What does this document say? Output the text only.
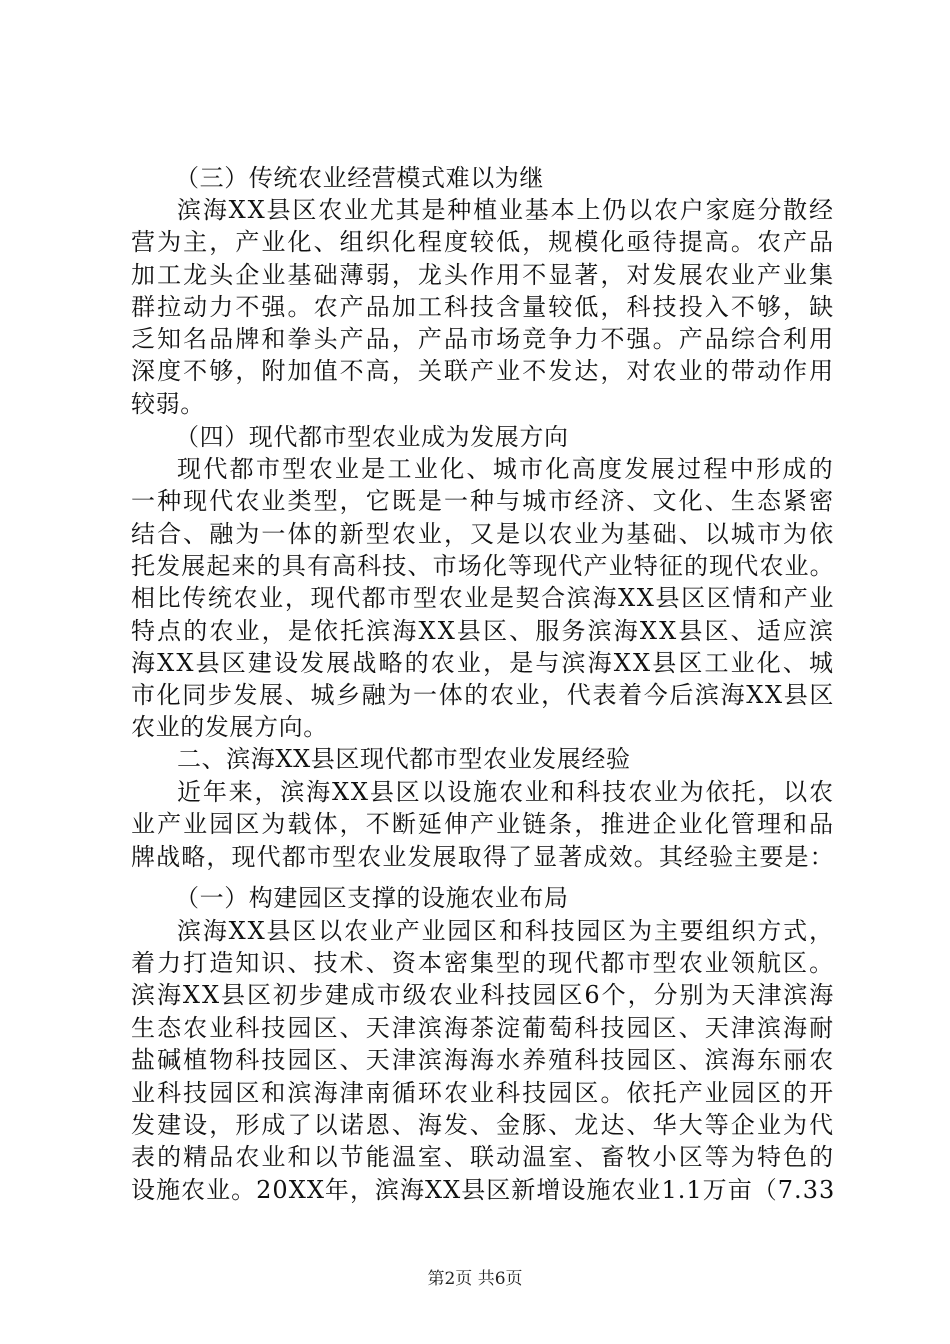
（三）传统农业经营模式难以为继
滨海XX县区农业尤其是种植业基本上仍以农户家庭分散经
营为主，产业化、组织化程度较低，规模化亟待提高。农产品
加工龙头企业基础薄弱，龙头作用不显著，对发展农业产业集
群拉动力不强。农产品加工科技含量较低，科技投入不够，缺
乏知名品牌和拳头产品，产品市场竞争力不强。产品综合利用
深度不够，附加值不高，关联产业不发达，对农业的带动作用
较弱。
（四）现代都市型农业成为发展方向
现代都市型农业是工业化、城市化高度发展过程中形成的
一种现代农业类型，它既是一种与城市经济、文化、生态紧密
结合、融为一体的新型农业，又是以农业为基础、以城市为依
托发展起来的具有高科技、市场化等现代产业特征的现代农业。
相比传统农业，现代都市型农业是契合滨海XX县区区情和产业
特点的农业，是依托滨海XX县区、服务滨海XX县区、适应滨
海XX县区建设发展战略的农业，是与滨海XX县区工业化、城
市化同步发展、城乡融为一体的农业，代表着今后滨海XX县区
农业的发展方向。
二、滨海XX县区现代都市型农业发展经验
近年来，滨海XX县区以设施农业和科技农业为依托，以农
业产业园区为载体，不断延伸产业链条，推进企业化管理和品
牌战略，现代都市型农业发展取得了显著成效。其经验主要是：
（一）构建园区支撑的设施农业布局
滨海XX县区以农业产业园区和科技园区为主要组织方式，
着力打造知识、技术、资本密集型的现代都市型农业领航区。
滨海XX县区初步建成市级农业科技园区6个，分别为天津滨海
生态农业科技园区、天津滨海茶淀葡萄科技园区、天津滨海耐
盐碱植物科技园区、天津滨海海水养殖科技园区、滨海东丽农
业科技园区和滨海津南循环农业科技园区。依托产业园区的开
发建设，形成了以诺恩、海发、金豚、龙达、华大等企业为代
表的精品农业和以节能温室、联动温室、畜牧小区等为特色的
设施农业。20XX年，滨海XX县区新增设施农业1.1万亩（7.33
第2页 共6页
